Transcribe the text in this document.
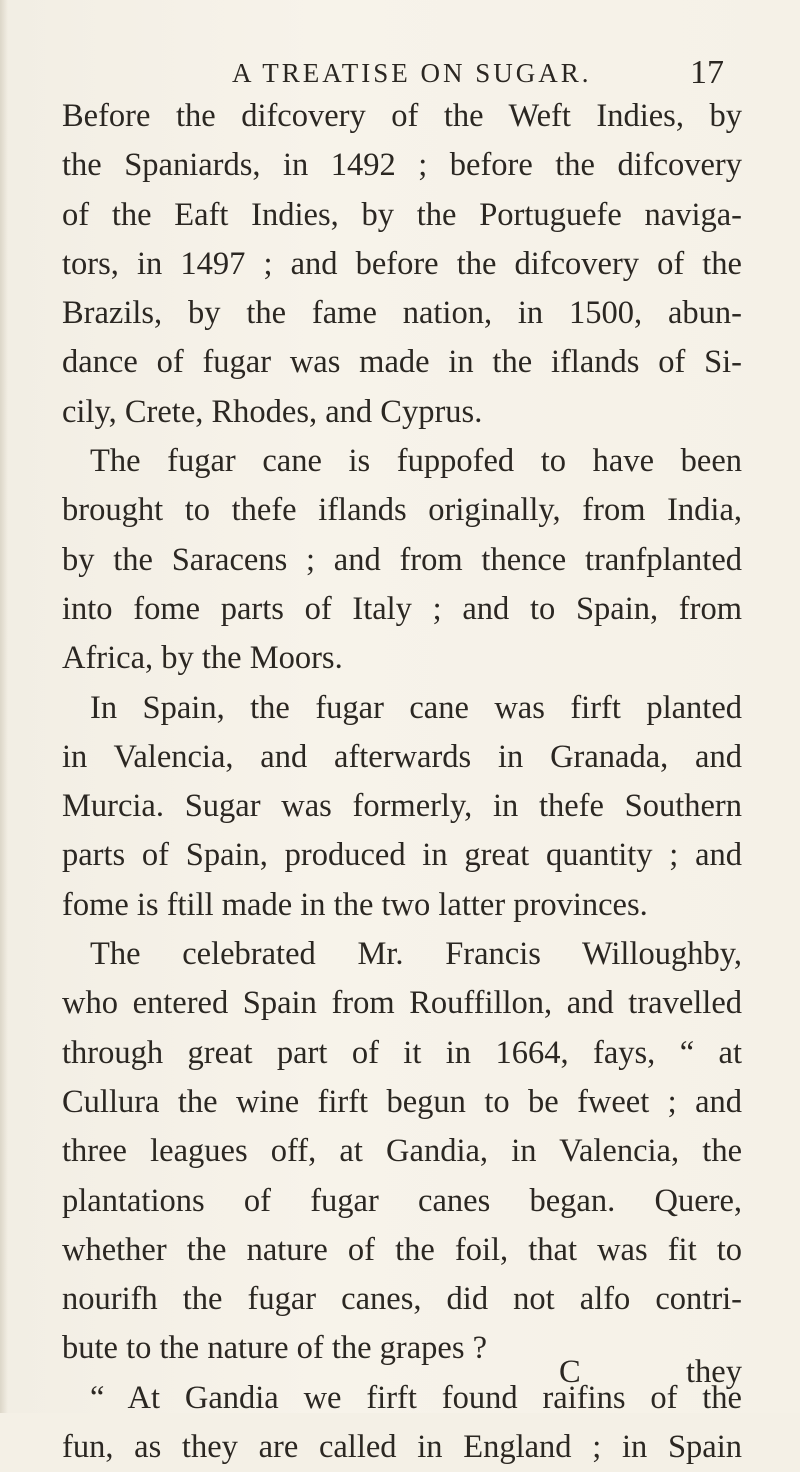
A TREATISE ON SUGAR.	17
Before the difcovery of the Weft Indies, by
the Spaniards, in 1492 ; before the difcovery
of the Eaft Indies, by the Portuguefe naviga-
tors, in 1497 ; and before the difcovery of the
Brazils, by the fame nation, in 1500, abun-
dance of fugar was made in the iflands of Si-
cily, Crete, Rhodes, and Cyprus.
The fugar cane is fuppofed to have been
brought to thefe iflands originally, from India,
by the Saracens ; and from thence tranfplanted
into fome parts of Italy ; and to Spain, from
Africa, by the Moors.
In Spain, the fugar cane was firft planted
in Valencia, and afterwards in Granada, and
Murcia. Sugar was formerly, in thefe Southern
parts of Spain, produced in great quantity ; and
fome is ftill made in the two latter provinces.
The celebrated Mr. Francis Willoughby,
who entered Spain from Rouffillon, and travelled
through great part of it in 1664, fays, “ at
Cullura the wine firft begun to be fweet ; and
three leagues off, at Gandia, in Valencia, the
plantations of fugar canes began. Quere,
whether the nature of the foil, that was fit to
nourifh the fugar canes, did not alfo contri-
bute to the nature of the grapes ?
“ At Gandia we firft found raifins of the
fun, as they are called in England ; in Spain
C	they
